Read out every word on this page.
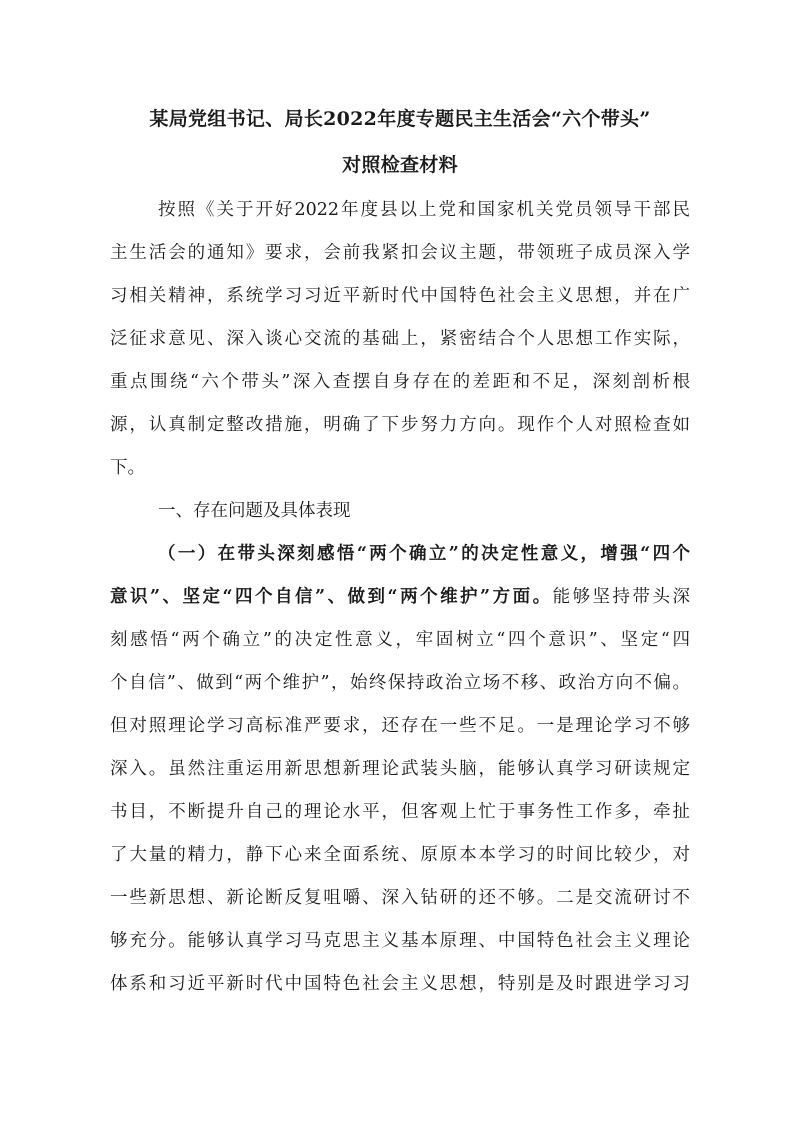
某局党组书记、局长2022年度专题民主生活会“六个带头”
对照检查材料
按照《关于开好2022年度县以上党和国家机关党员领导干部民
主生活会的通知》要求，会前我紧扣会议主题，带领班子成员深入学
习相关精神，系统学习习近平新时代中国特色社会主义思想，并在广
泛征求意见、深入谈心交流的基础上，紧密结合个人思想工作实际，
重点围绕“六个带头”深入查摆自身存在的差距和不足，深刻剖析根
源，认真制定整改措施，明确了下步努力方向。现作个人对照检查如
下。
一、存在问题及具体表现
（一）在带头深刻感悟“两个确立”的决定性意义，增强“四个
意识”、坚定“四个自信”、做到“两个维护”方面。能够坚持带头深
刻感悟“两个确立”的决定性意义，牢固树立“四个意识”、坚定“四
个自信”、做到“两个维护”，始终保持政治立场不移、政治方向不偏。
但对照理论学习高标准严要求，还存在一些不足。一是理论学习不够
深入。虽然注重运用新思想新理论武装头脑，能够认真学习研读规定
书目，不断提升自己的理论水平，但客观上忙于事务性工作多，牵扯
了大量的精力，静下心来全面系统、原原本本学习的时间比较少，对
一些新思想、新论断反复咀嚼、深入钻研的还不够。二是交流研讨不
够充分。能够认真学习马克思主义基本原理、中国特色社会主义理论
体系和习近平新时代中国特色社会主义思想，特别是及时跟进学习习
